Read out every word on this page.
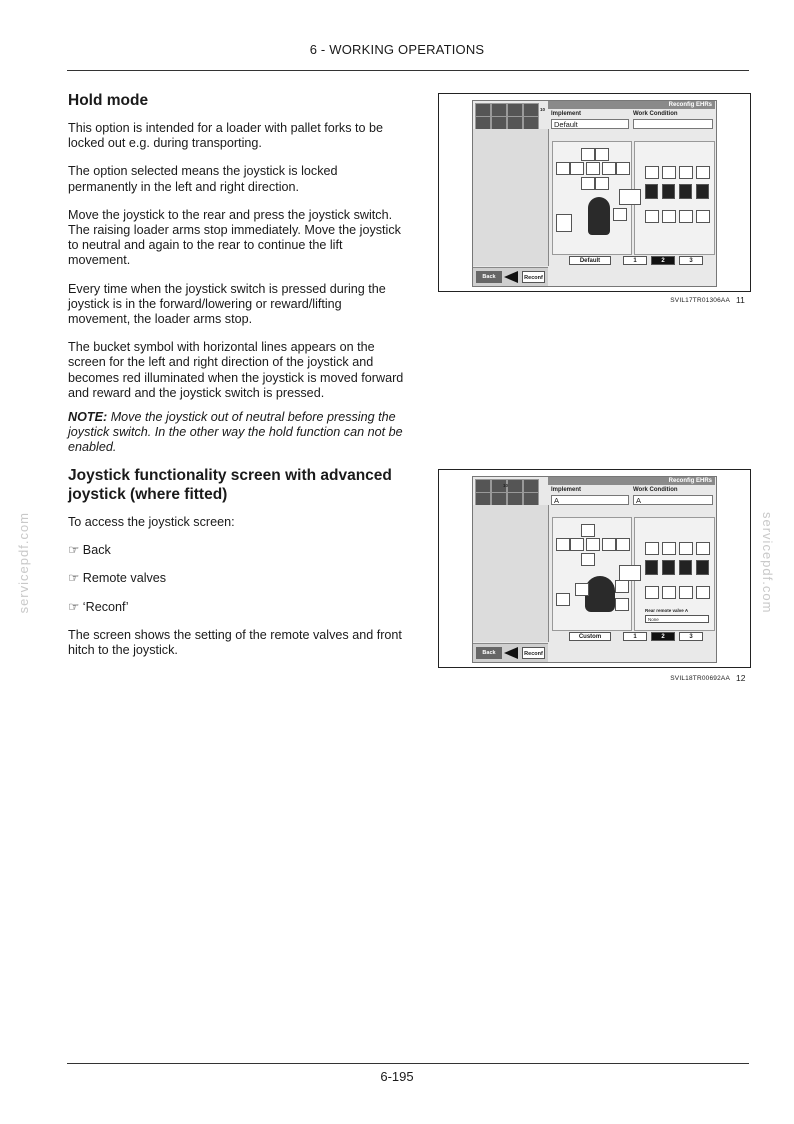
6 - WORKING OPERATIONS
servicepdf.com	servicepdf.com

Hold mode

This option is intended for a loader with pallet forks to be locked out e.g. during transporting.

The option selected means the joystick is locked permanently in the left and right direction.

Move the joystick to the rear and press the joystick switch. The raising loader arms stop immediately. Move the joystick to neutral and again to the rear to continue the lift movement.

Every time when the joystick switch is pressed during the joystick is in the forward/lowering or reward/lifting movement, the loader arms stop.

The bucket symbol with horizontal lines appears on the screen for the left and right direction of the joystick and becomes red illuminated when the joystick is moved forward and reward and the joystick switch is pressed.

NOTE: Move the joystick out of neutral before pressing the joystick switch. In the other way the hold function can not be enabled.

Joystick functionality screen with advanced joystick (where fitted)

To access the joystick screen:

☞ Back

☞ Remote valves

☞ ‘Reconf’

The screen shows the setting of the remote valves and front hitch to the joystick.

10
Reconfig EHRs
Implement	Work Condition
Default
Default	1	2	3
Back	Reconf
SVIL17TR01306AA 11
10
Reconfig EHRs
Implement	Work Condition
A	A
Rear remote valve A
None
Custom	1	2	3
Back	Reconf
SVIL18TR00692AA 12
6-195
